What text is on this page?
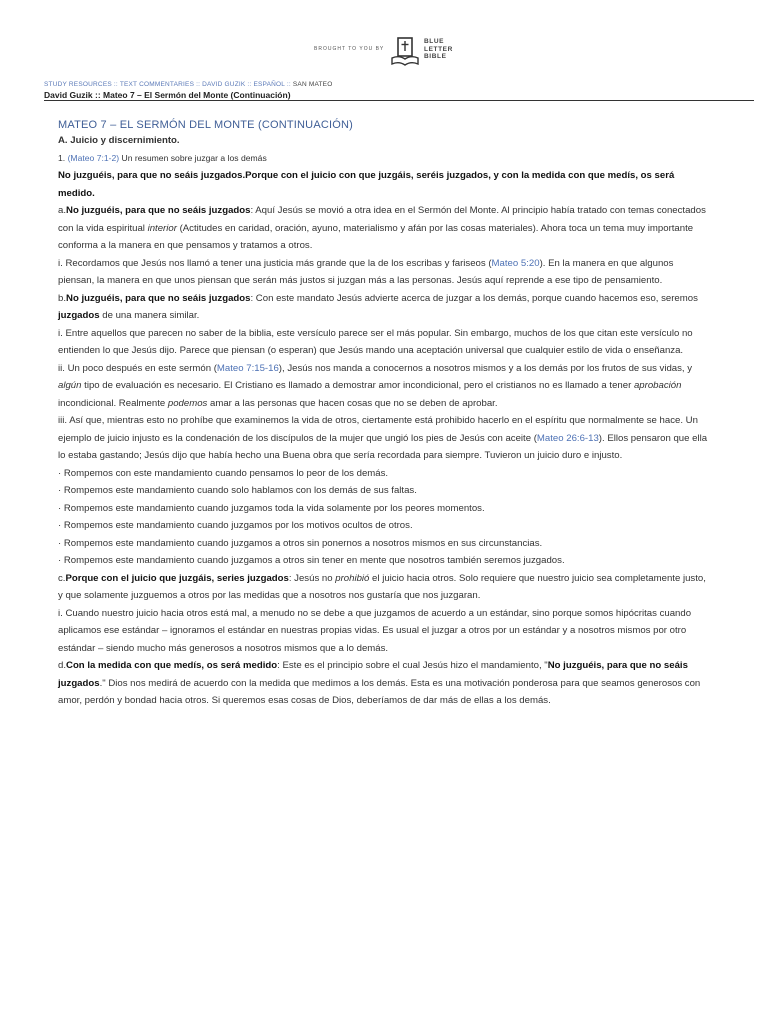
BROUGHT TO YOU BY
BLUE
LETTER
BIBLE
STUDY RESOURCES :: TEXT COMMENTARIES :: DAVID GUZIK :: ESPAÑOL :: SAN MATEO
David Guzik :: Mateo 7 – El Sermón del Monte (Continuación)

MATEO 7 – EL SERMÓN DEL MONTE (CONTINUACIÓN)

A. Juicio y discernimiento.

1. (Mateo 7:1-2) Un resumen sobre juzgar a los demás

No juzguéis, para que no seáis juzgados.Porque con el juicio con que juzgáis, seréis juzgados, y con la medida con que medís, os será medido.

a.No juzguéis, para que no seáis juzgados: Aquí Jesús se movió a otra idea en el Sermón del Monte. Al principio había tratado con temas conectados con la vida espiritual interior (Actitudes en caridad, oración, ayuno, materialismo y afán por las cosas materiales). Ahora toca un tema muy importante conforma a la manera en que pensamos y tratamos a otros.

i. Recordamos que Jesús nos llamó a tener una justicia más grande que la de los escribas y fariseos (Mateo 5:20). En la manera en que algunos piensan, la manera en que unos piensan que serán más justos si juzgan más a las personas. Jesús aquí reprende a ese tipo de pensamiento.

b.No juzguéis, para que no seáis juzgados: Con este mandato Jesús advierte acerca de juzgar a los demás, porque cuando hacemos eso, seremos juzgados de una manera similar.

i. Entre aquellos que parecen no saber de la biblia, este versículo parece ser el más popular. Sin embargo, muchos de los que citan este versículo no entienden lo que Jesús dijo. Parece que piensan (o esperan) que Jesús mando una aceptación universal que cualquier estilo de vida o enseñanza.

ii. Un poco después en este sermón (Mateo 7:15-16), Jesús nos manda a conocernos a nosotros mismos y a los demás por los frutos de sus vidas, y algún tipo de evaluación es necesario. El Cristiano es llamado a demostrar amor incondicional, pero el cristianos no es llamado a tener aprobación incondicional. Realmente podemos amar a las personas que hacen cosas que no se deben de aprobar.

iii. Así que, mientras esto no prohíbe que examinemos la vida de otros, ciertamente está prohibido hacerlo en el espíritu que normalmente se hace. Un ejemplo de juicio injusto es la condenación de los discípulos de la mujer que ungió los pies de Jesús con aceite (Mateo 26:6-13). Ellos pensaron que ella lo estaba gastando; Jesús dijo que había hecho una Buena obra que sería recordada para siempre. Tuvieron un juicio duro e injusto.

· Rompemos con este mandamiento cuando pensamos lo peor de los demás.

· Rompemos este mandamiento cuando solo hablamos con los demás de sus faltas.

· Rompemos este mandamiento cuando juzgamos toda la vida solamente por los peores momentos.

· Rompemos este mandamiento cuando juzgamos por los motivos ocultos de otros.

· Rompemos este mandamiento cuando juzgamos a otros sin ponernos a nosotros mismos en sus circunstancias.

· Rompemos este mandamiento cuando juzgamos a otros sin tener en mente que nosotros también seremos juzgados.

c.Porque con el juicio que juzgáis, series juzgados: Jesús no prohibió el juicio hacia otros. Solo requiere que nuestro juicio sea completamente justo, y que solamente juzguemos a otros por las medidas que a nosotros nos gustaría que nos juzgaran.

i. Cuando nuestro juicio hacia otros está mal, a menudo no se debe a que juzgamos de acuerdo a un estándar, sino porque somos hipócritas cuando aplicamos ese estándar – ignoramos el estándar en nuestras propias vidas. Es usual el juzgar a otros por un estándar y a nosotros mismos por otro estándar – siendo mucho más generosos a nosotros mismos que a lo demás.

d.Con la medida con que medís, os será medido: Este es el principio sobre el cual Jesús hizo el mandamiento, "No juzguéis, para que no seáis juzgados." Dios nos medirá de acuerdo con la medida que medimos a los demás. Esta es una motivación ponderosa para que seamos generosos con amor, perdón y bondad hacia otros. Si queremos esas cosas de Dios, deberíamos de dar más de ellas a los demás.
